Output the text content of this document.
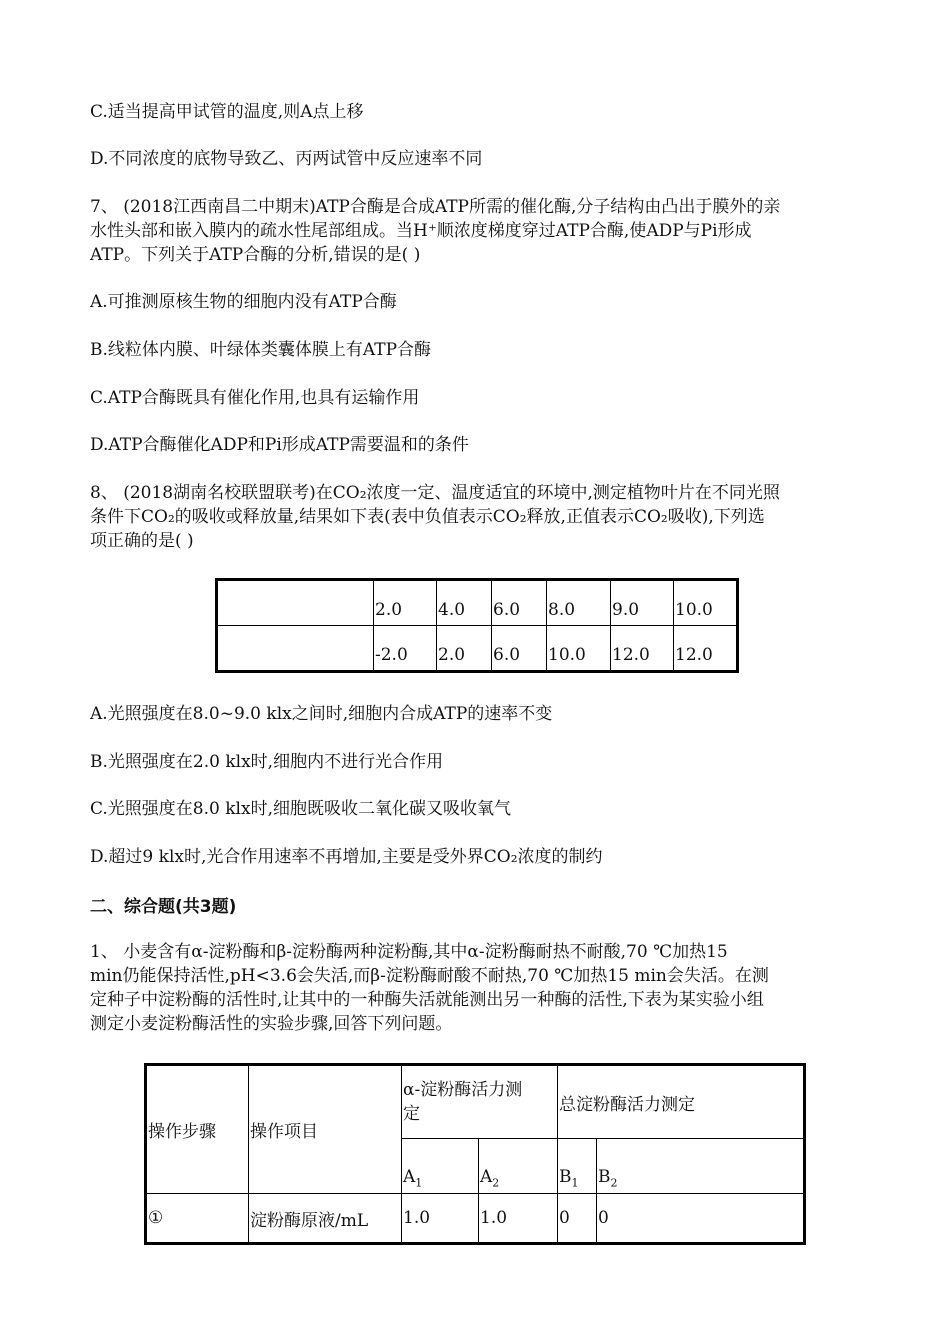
C.适当提高甲试管的温度,则A点上移
D.不同浓度的底物导致乙、丙两试管中反应速率不同
7、 (2018江西南昌二中期末)ATP合酶是合成ATP所需的催化酶,分子结构由凸出于膜外的亲
水性头部和嵌入膜内的疏水性尾部组成。当H⁺顺浓度梯度穿过ATP合酶,使ADP与Pi形成
ATP。下列关于ATP合酶的分析,错误的是( )
A.可推测原核生物的细胞内没有ATP合酶
B.线粒体内膜、叶绿体类囊体膜上有ATP合酶
C.ATP合酶既具有催化作用,也具有运输作用
D.ATP合酶催化ADP和Pi形成ATP需要温和的条件
8、 (2018湖南名校联盟联考)在CO₂浓度一定、温度适宜的环境中,测定植物叶片在不同光照
条件下CO₂的吸收或释放量,结果如下表(表中负值表示CO₂释放,正值表示CO₂吸收),下列选
项正确的是( )
	2.0	4.0	6.0	8.0	9.0	10.0
	-2.0	2.0	6.0	10.0	12.0	12.0
A.光照强度在8.0~9.0 klx之间时,细胞内合成ATP的速率不变
B.光照强度在2.0 klx时,细胞内不进行光合作用
C.光照强度在8.0 klx时,细胞既吸收二氧化碳又吸收氧气
D.超过9 klx时,光合作用速率不再增加,主要是受外界CO₂浓度的制约
二、综合题(共3题)
1、 小麦含有α-淀粉酶和β-淀粉酶两种淀粉酶,其中α-淀粉酶耐热不耐酸,70 ℃加热15
min仍能保持活性,pH<3.6会失活,而β-淀粉酶耐酸不耐热,70 ℃加热15 min会失活。在测
定种子中淀粉酶的活性时,让其中的一种酶失活就能测出另一种酶的活性,下表为某实验小组
测定小麦淀粉酶活性的实验步骤,回答下列问题。
操作步骤	操作项目	α-淀粉酶活力测
定		总淀粉酶活力测定	
		$A_1$	$A_2$	$B_1$	$B_2$
①	淀粉酶原液/mL	1.0	1.0	0	0
